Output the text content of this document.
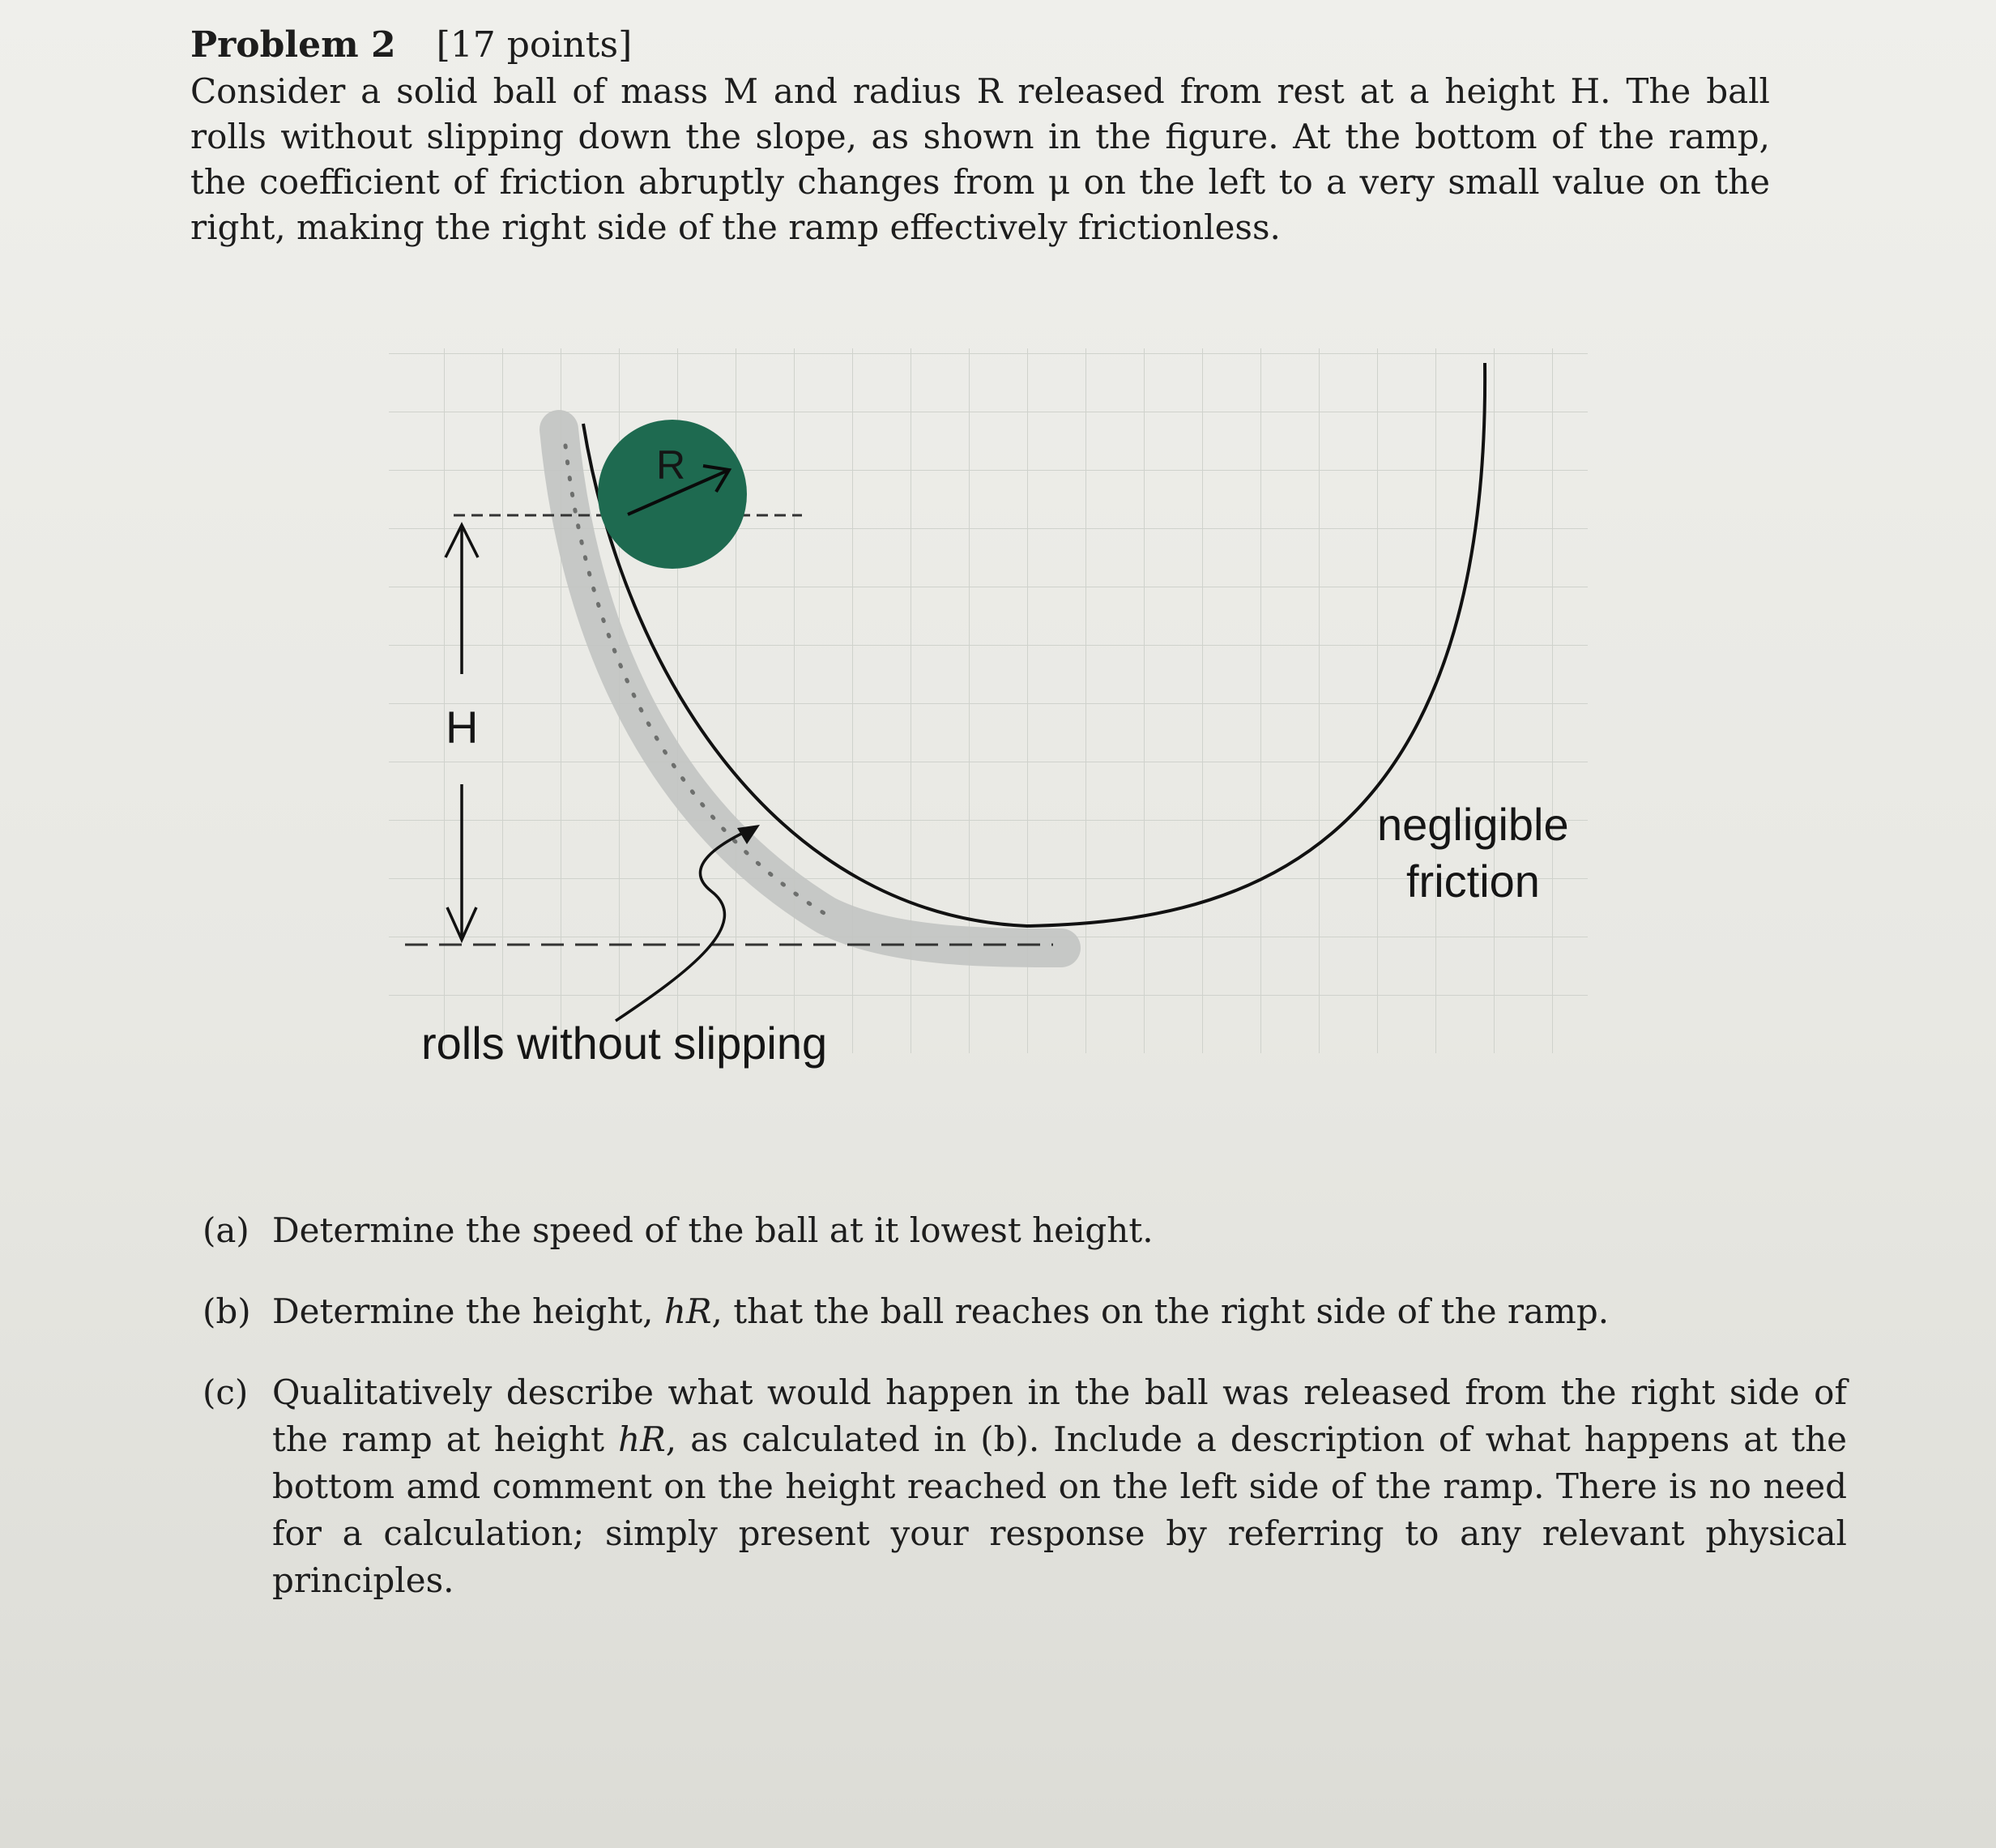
Problem 2 [17 points]

Consider a solid ball of mass M and radius R released from rest at a height H. The ball rolls without slipping down the slope, as shown in the figure. At the bottom of the ramp, the coefficient of friction abruptly changes from μ on the left to a very small value on the right, making the right side of the ramp effectively frictionless.

R
H
rolls without slipping
negligible
friction
(a) Determine the speed of the ball at it lowest height.
(b) Determine the height, hR, that the ball reaches on the right side of the ramp.
(c) Qualitatively describe what would happen in the ball was released from the right side of the ramp at height hR, as calculated in (b). Include a description of what happens at the bottom amd comment on the height reached on the left side of the ramp. There is no need for a calculation; simply present your response by referring to any relevant physical principles.
